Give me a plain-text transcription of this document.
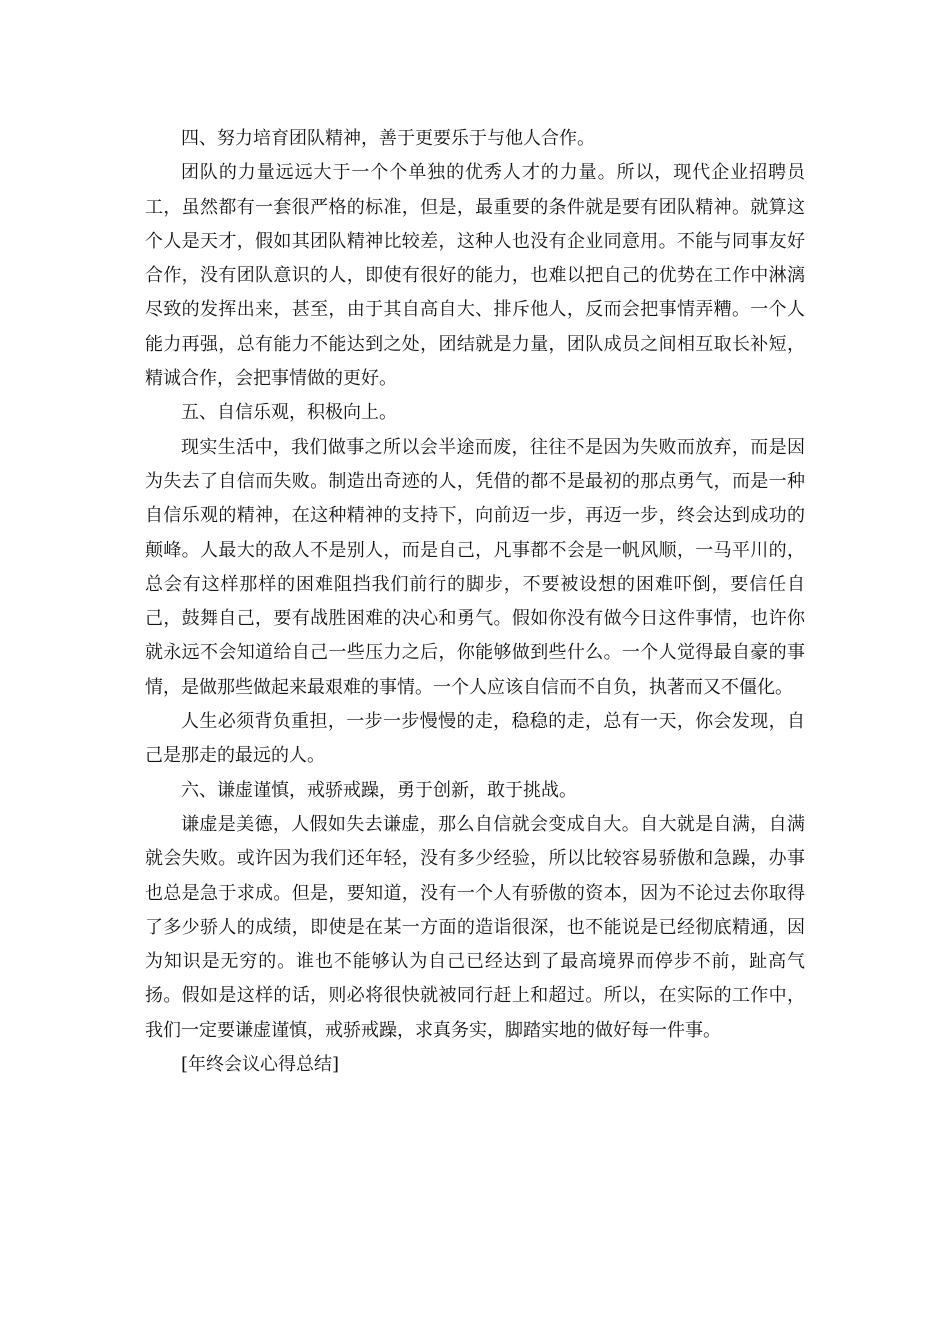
四、努力培育团队精神，善于更要乐于与他人合作。

团队的力量远远大于一个个单独的优秀人才的力量。所以，现代企业招聘员工，虽然都有一套很严格的标准，但是，最重要的条件就是要有团队精神。就算这个人是天才，假如其团队精神比较差，这种人也没有企业同意用。不能与同事友好合作，没有团队意识的人，即使有很好的能力，也难以把自己的优势在工作中淋漓尽致的发挥出来，甚至，由于其自高自大、排斥他人，反而会把事情弄糟。一个人能力再强，总有能力不能达到之处，团结就是力量，团队成员之间相互取长补短，精诚合作，会把事情做的更好。

五、自信乐观，积极向上。

现实生活中，我们做事之所以会半途而废，往往不是因为失败而放弃，而是因为失去了自信而失败。制造出奇迹的人，凭借的都不是最初的那点勇气，而是一种自信乐观的精神，在这种精神的支持下，向前迈一步，再迈一步，终会达到成功的颠峰。人最大的敌人不是别人，而是自己，凡事都不会是一帆风顺，一马平川的，总会有这样那样的困难阻挡我们前行的脚步，不要被设想的困难吓倒，要信任自己，鼓舞自己，要有战胜困难的决心和勇气。假如你没有做今日这件事情，也许你就永远不会知道给自己一些压力之后，你能够做到些什么。一个人觉得最自豪的事情，是做那些做起来最艰难的事情。一个人应该自信而不自负，执著而又不僵化。

人生必须背负重担，一步一步慢慢的走，稳稳的走，总有一天，你会发现，自己是那走的最远的人。

六、谦虚谨慎，戒骄戒躁，勇于创新，敢于挑战。

谦虚是美德，人假如失去谦虚，那么自信就会变成自大。自大就是自满，自满就会失败。或许因为我们还年轻，没有多少经验，所以比较容易骄傲和急躁，办事也总是急于求成。但是，要知道，没有一个人有骄傲的资本，因为不论过去你取得了多少骄人的成绩，即使是在某一方面的造诣很深，也不能说是已经彻底精通，因为知识是无穷的。谁也不能够认为自己已经达到了最高境界而停步不前，趾高气扬。假如是这样的话，则必将很快就被同行赶上和超过。所以，在实际的工作中，我们一定要谦虚谨慎，戒骄戒躁，求真务实，脚踏实地的做好每一件事。

[年终会议心得总结]
